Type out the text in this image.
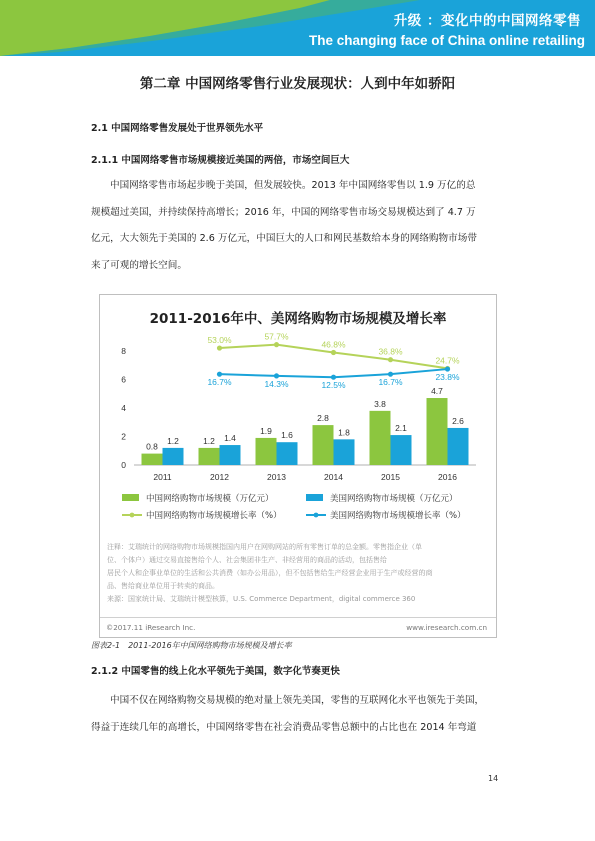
升级 ：变化中的中国网络零售
The changing face of China online retailing
第二章 中国网络零售行业发展现状：人到中年如骄阳
2.1 中国网络零售发展处于世界领先水平
2.1.1 中国网络零售市场规模接近美国的两倍，市场空间巨大
中国网络零售市场起步晚于美国，但发展较快。2013 年中国网络零售以 1.9 万亿的总
规模超过美国，并持续保持高增长；2016 年，中国的网络零售市场交易规模达到了 4.7 万
亿元，大大领先于美国的 2.6 万亿元，中国巨大的人口和网民基数给本身的网络购物市场带
来了可观的增长空间。
2011-2016年中、美网络购物市场规模及增长率
0
2
4
6
8
0.8
1.2
1.9
2.8
3.8
4.7
1.2	1.4	1.6	1.8	2.1
2.6
2011	2012	2013	2014	2015	2016
53.0%	57.7%
46.8%
36.8%
24.7%
16.7%	14.3%	12.5%	16.7%
23.8%
中国网络购物市场规模（万亿元）	美国网络购物市场规模（万亿元）
中国网络购物市场规模增长率（%）	美国网络购物市场规模增长率（%）
注释：艾瑞统计的网络购物市场规模指国内用户在网购网站的所有零售订单的总金额。零售指企业（单
位、个体户）通过交易直接售给个人、社会集团非生产、非经营用的商品的活动，包括售给
居民个人和企事业单位的生活和公共消费（如办公用品），但不包括售给生产经营企业用于生产或经营的商
品、售给商业单位用于转卖的商品。
来源：国家统计局、艾瑞统计模型核算，U.S. Commerce Department，digital commerce 360
©2017.11 iResearch Inc.	www.iresearch.com.cn
图表2-1　2011-2016年中国网络购物市场规模及增长率
2.1.2 中国零售的线上化水平领先于美国，数字化节奏更快
中国不仅在网络购物交易规模的绝对量上领先美国，零售的互联网化水平也领先于美国，
得益于连续几年的高增长，中国网络零售在社会消费品零售总额中的占比也在 2014 年弯道
14
